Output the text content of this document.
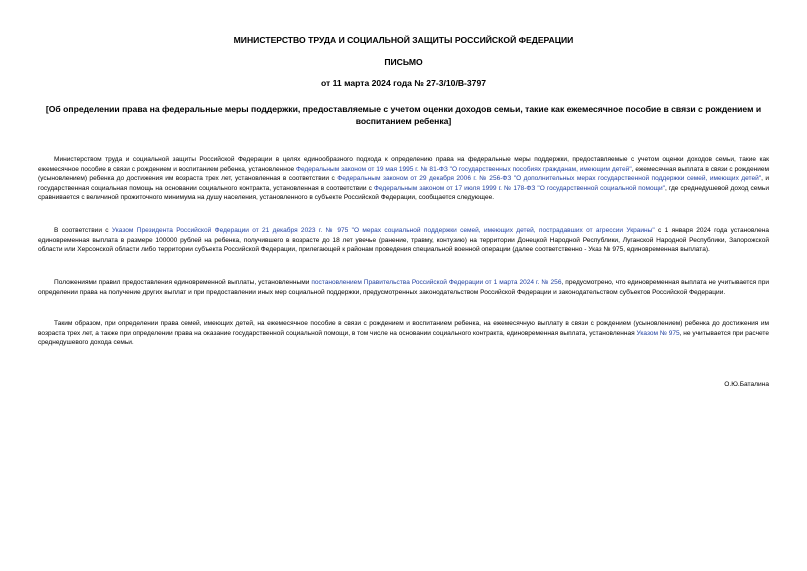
МИНИСТЕРСТВО ТРУДА И СОЦИАЛЬНОЙ ЗАЩИТЫ РОССИЙСКОЙ ФЕДЕРАЦИИ
ПИСЬМО
от 11 марта 2024 года № 27-3/10/В-3797
[Об определении права на федеральные меры поддержки, предоставляемые с учетом оценки доходов семьи, такие как ежемесячное пособие в связи с рождением и воспитанием ребенка]
Министерством труда и социальной защиты Российской Федерации в целях единообразного подхода к определению права на федеральные меры поддержки, предоставляемые с учетом оценки доходов семьи, такие как ежемесячное пособие в связи с рождением и воспитанием ребенка, установленное Федеральным законом от 19 мая 1995 г. № 81-ФЗ "О государственных пособиях гражданам, имеющим детей", ежемесячная выплата в связи с рождением (усыновлением) ребенка до достижения им возраста трех лет, установленная в соответствии с Федеральным законом от 29 декабря 2006 г. № 256-ФЗ "О дополнительных мерах государственной поддержки семей, имеющих детей", и государственная социальная помощь на основании социального контракта, установленная в соответствии с Федеральным законом от 17 июля 1999 г. № 178-ФЗ "О государственной социальной помощи", где среднедушевой доход семьи сравнивается с величиной прожиточного минимума на душу населения, установленного в субъекте Российской Федерации, сообщается следующее.
В соответствии с Указом Президента Российской Федерации от 21 декабря 2023 г. № 975 "О мерах социальной поддержки семей, имеющих детей, пострадавших от агрессии Украины" с 1 января 2024 года установлена единовременная выплата в размере 100000 рублей на ребенка, получившего в возрасте до 18 лет увечье (ранение, травму, контузию) на территории Донецкой Народной Республики, Луганской Народной Республики, Запорожской области или Херсонской области либо территории субъекта Российской Федерации, прилегающей к районам проведения специальной военной операции (далее соответственно - Указ № 975, единовременная выплата).
Положениями правил предоставления единовременной выплаты, установленными постановлением Правительства Российской Федерации от 1 марта 2024 г. № 256, предусмотрено, что единовременная выплата не учитывается при определении права на получение других выплат и при предоставлении иных мер социальной поддержки, предусмотренных законодательством Российской Федерации и законодательством субъектов Российской Федерации.
Таким образом, при определении права семей, имеющих детей, на ежемесячное пособие в связи с рождением и воспитанием ребенка, на ежемесячную выплату в связи с рождением (усыновлением) ребенка до достижения им возраста трех лет, а также при определении права на оказание государственной социальной помощи, в том числе на основании социального контракта, единовременная выплата, установленная Указом № 975, не учитывается при расчете среднедушевого дохода семьи.
О.Ю.Баталина
